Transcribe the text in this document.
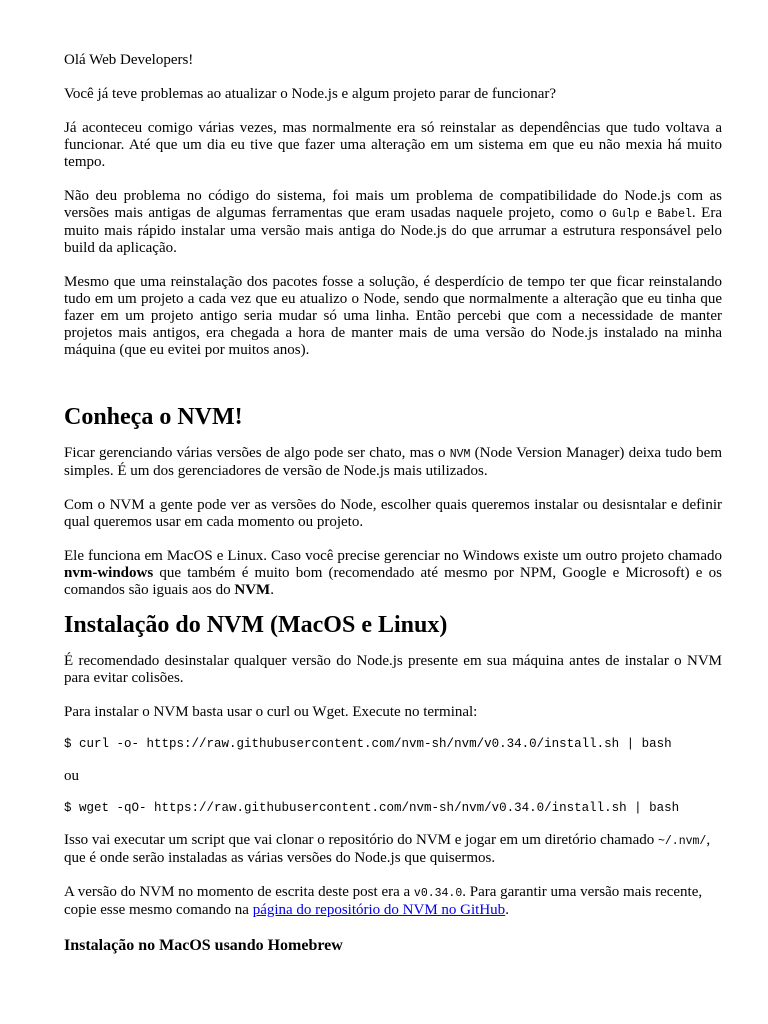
Olá Web Developers!

Você já teve problemas ao atualizar o Node.js e algum projeto parar de funcionar?

Já aconteceu comigo várias vezes, mas normalmente era só reinstalar as dependências que tudo voltava a funcionar. Até que um dia eu tive que fazer uma alteração em um sistema em que eu não mexia há muito tempo.

Não deu problema no código do sistema, foi mais um problema de compatibilidade do Node.js com as versões mais antigas de algumas ferramentas que eram usadas naquele projeto, como o Gulp e Babel. Era muito mais rápido instalar uma versão mais antiga do Node.js do que arrumar a estrutura responsável pelo build da aplicação.

Mesmo que uma reinstalação dos pacotes fosse a solução, é desperdício de tempo ter que ficar reinstalando tudo em um projeto a cada vez que eu atualizo o Node, sendo que normalmente a alteração que eu tinha que fazer em um projeto antigo seria mudar só uma linha. Então percebi que com a necessidade de manter projetos mais antigos, era chegada a hora de manter mais de uma versão do Node.js instalado na minha máquina (que eu evitei por muitos anos).

Conheça o NVM!

Ficar gerenciando várias versões de algo pode ser chato, mas o NVM (Node Version Manager) deixa tudo bem simples. É um dos gerenciadores de versão de Node.js mais utilizados.

Com o NVM a gente pode ver as versões do Node, escolher quais queremos instalar ou desisntalar e definir qual queremos usar em cada momento ou projeto.

Ele funciona em MacOS e Linux. Caso você precise gerenciar no Windows existe um outro projeto chamado nvm-windows que também é muito bom (recomendado até mesmo por NPM, Google e Microsoft) e os comandos são iguais aos do NVM.

Instalação do NVM (MacOS e Linux)

É recomendado desinstalar qualquer versão do Node.js presente em sua máquina antes de instalar o NVM para evitar colisões.

Para instalar o NVM basta usar o curl ou Wget. Execute no terminal:

$ curl -o- https://raw.githubusercontent.com/nvm-sh/nvm/v0.34.0/install.sh | bash

ou

$ wget -qO- https://raw.githubusercontent.com/nvm-sh/nvm/v0.34.0/install.sh | bash

Isso vai executar um script que vai clonar o repositório do NVM e jogar em um diretório chamado ~/.nvm/, que é onde serão instaladas as várias versões do Node.js que quisermos.

A versão do NVM no momento de escrita deste post era a v0.34.0. Para garantir uma versão mais recente, copie esse mesmo comando na página do repositório do NVM no GitHub.

Instalação no MacOS usando Homebrew
